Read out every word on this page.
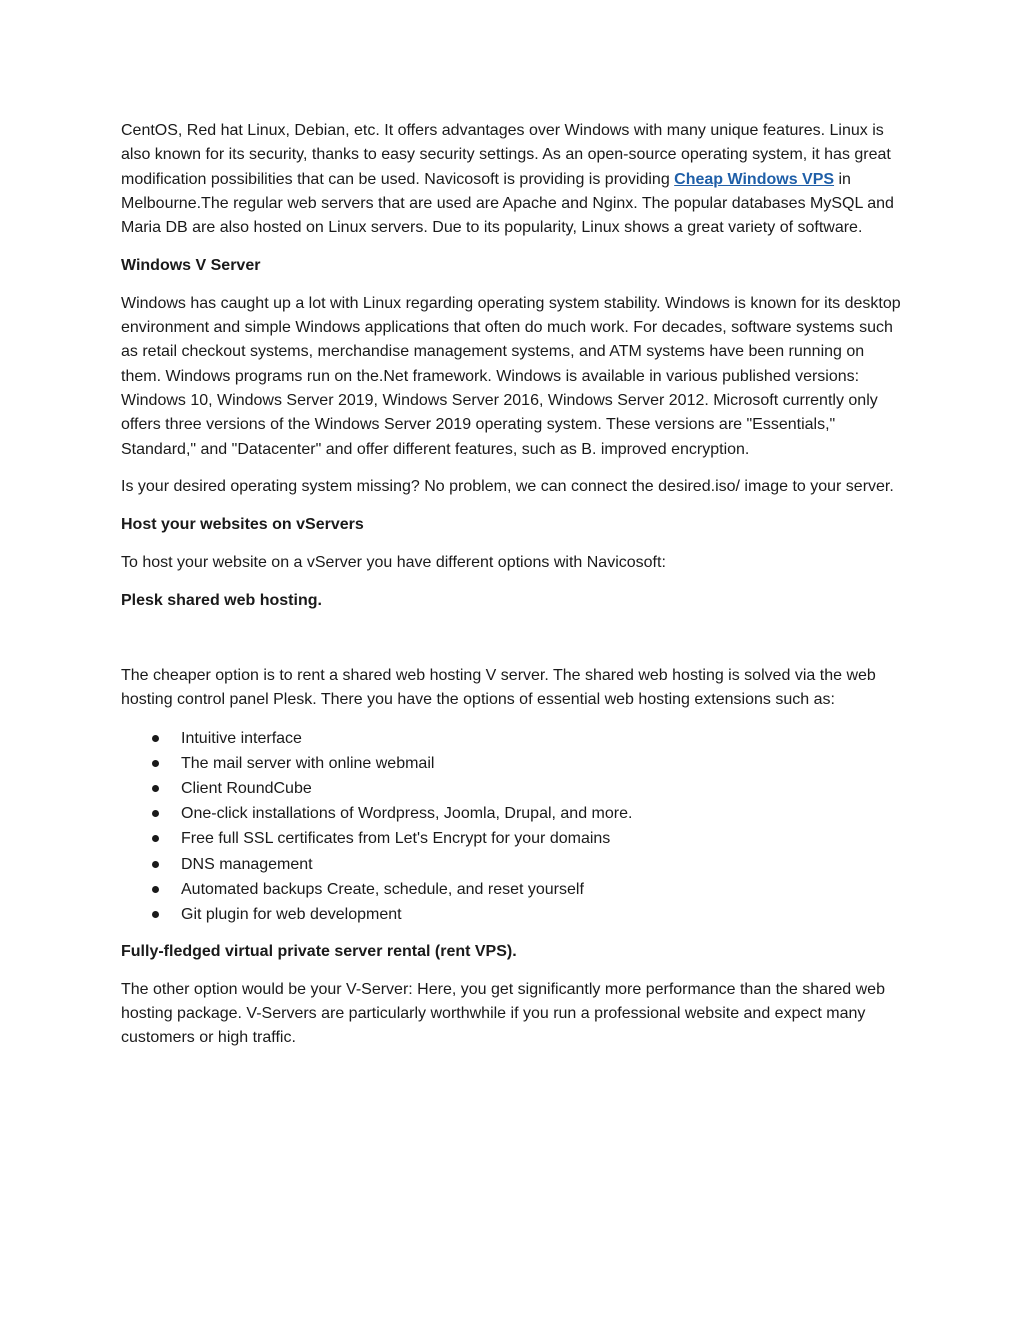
CentOS, Red hat Linux, Debian, etc. It offers advantages over Windows with many unique features. Linux is also known for its security, thanks to easy security settings. As an open-source operating system, it has great modification possibilities that can be used. Navicosoft is providing is providing Cheap Windows VPS in Melbourne.The regular web servers that are used are Apache and Nginx. The popular databases MySQL and Maria DB are also hosted on Linux servers. Due to its popularity, Linux shows a great variety of software.

Windows V Server

Windows has caught up a lot with Linux regarding operating system stability. Windows is known for its desktop environment and simple Windows applications that often do much work. For decades, software systems such as retail checkout systems, merchandise management systems, and ATM systems have been running on them. Windows programs run on the.Net framework. Windows is available in various published versions: Windows 10, Windows Server 2019, Windows Server 2016, Windows Server 2012. Microsoft currently only offers three versions of the Windows Server 2019 operating system. These versions are "Essentials," Standard," and "Datacenter" and offer different features, such as B. improved encryption.

Is your desired operating system missing? No problem, we can connect the desired.iso/ image to your server.

Host your websites on vServers

To host your website on a vServer you have different options with Navicosoft:

Plesk shared web hosting.

The cheaper option is to rent a shared web hosting V server. The shared web hosting is solved via the web hosting control panel Plesk. There you have the options of essential web hosting extensions such as:

Intuitive interface
The mail server with online webmail
Client RoundCube
One-click installations of Wordpress, Joomla, Drupal, and more.
Free full SSL certificates from Let's Encrypt for your domains
DNS management
Automated backups Create, schedule, and reset yourself
Git plugin for web development

Fully-fledged virtual private server rental (rent VPS).

The other option would be your V-Server: Here, you get significantly more performance than the shared web hosting package. V-Servers are particularly worthwhile if you run a professional website and expect many customers or high traffic.
